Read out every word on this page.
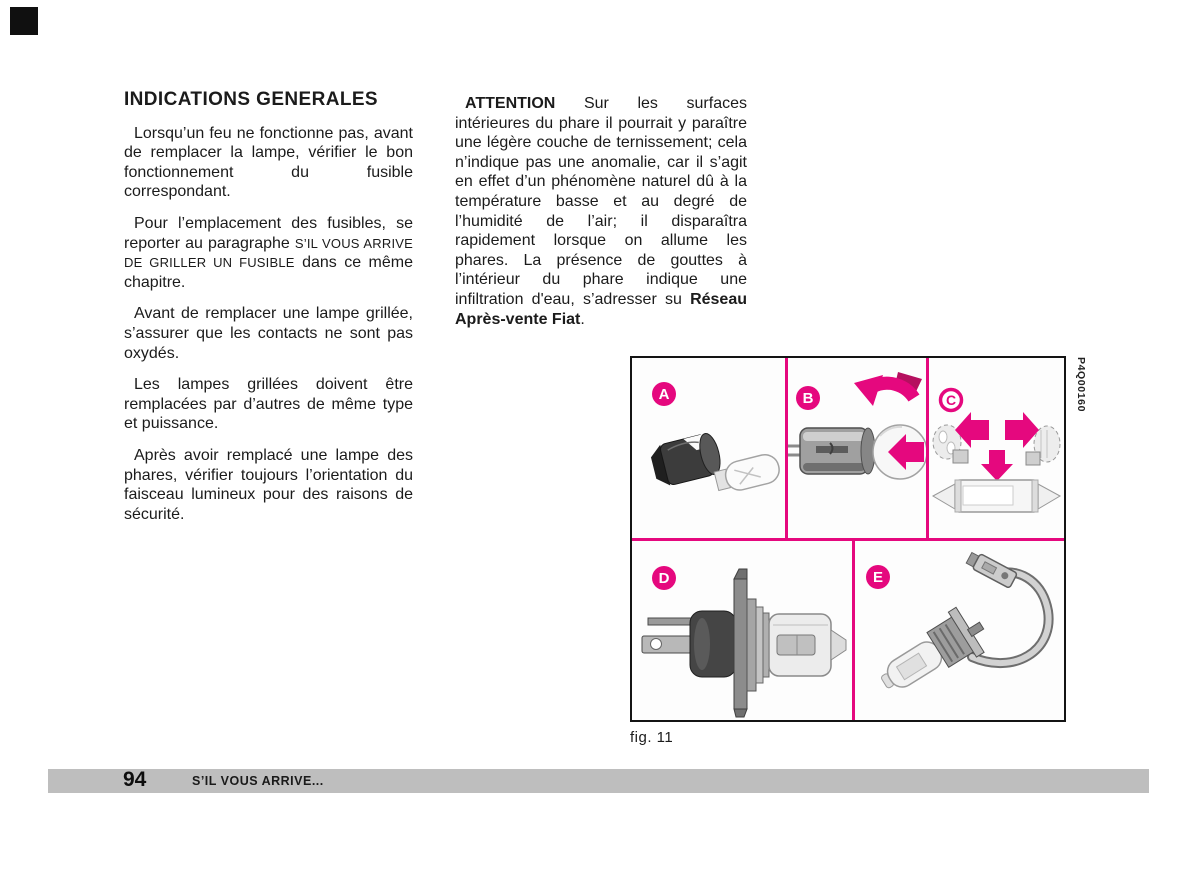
INDICATIONS GENERALES

Lorsqu’un feu ne fonctionne pas, avant de remplacer la lampe, vérifier le bon fonctionnement du fusible correspondant.

Pour l’emplacement des fusibles, se reporter au paragraphe S’IL VOUS ARRIVE DE GRILLER UN FUSIBLE dans ce même chapitre.

Avant de remplacer une lampe grillée, s’assurer que les contacts ne sont pas oxydés.

Les lampes grillées doivent être remplacées par d’autres de même type et puissance.

Après avoir remplacé une lampe des phares, vérifier toujours l’orientation du faisceau lumineux pour des raisons de sécurité.

ATTENTION Sur les surfaces intérieures du phare il pourrait y paraître une légère couche de ternissement; cela n’indique pas une anomalie, car il s’agit en effet d’un phénomène naturel dû à la température basse et au degré de l’humidité de l’air; il disparaîtra rapidement lorsque on allume les phares. La présence de gouttes à l’intérieur du phare indique une infiltration d'eau, s’adresser su Réseau Après-vente Fiat.

A	B	C
D	E
P4Q00160
fig. 11
94	S’IL VOUS ARRIVE...
